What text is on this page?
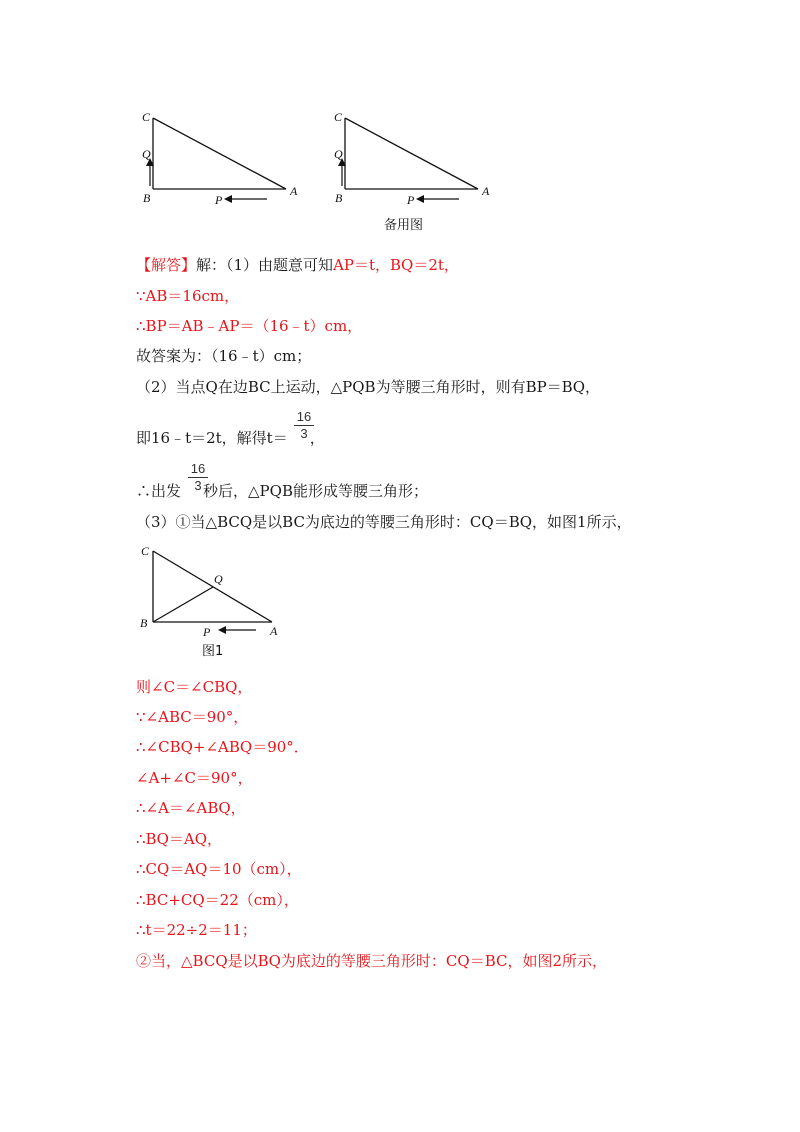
C
Q
B	P
A
C
Q
B	P
A
备用图
【解答】解：（1）由题意可知AP＝t，BQ＝2t，
∵AB＝16cm，
∴BP＝AB﹣AP＝（16﹣t）cm，
故答案为：（16﹣t）cm；
（2）当点Q在边BC上运动，△PQB为等腰三角形时，则有BP＝BQ，
即16﹣t＝2t，解得t＝ ，
16
3
∴出发 秒后，△PQB能形成等腰三角形；
16
3
（3）①当△BCQ是以BC为底边的等腰三角形时：CQ＝BQ，如图1所示，
C
Q
B
P	A
图1
则∠C＝∠CBQ，
∵∠ABC＝90°，
∴∠CBQ+∠ABQ＝90°．
∠A+∠C＝90°，
∴∠A＝∠ABQ，
∴BQ＝AQ，
∴CQ＝AQ＝10（cm），
∴BC+CQ＝22（cm），
∴t＝22÷2＝11；
②当，△BCQ是以BQ为底边的等腰三角形时：CQ＝BC，如图2所示，
